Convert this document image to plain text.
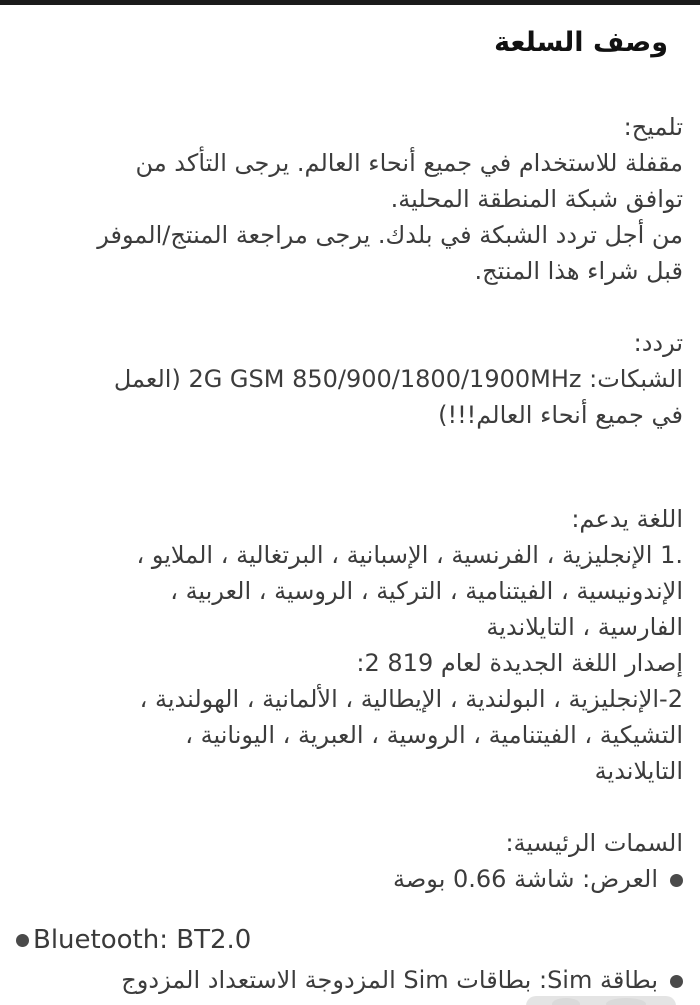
وصف السلعة
تلميح:
مقفلة للاستخدام في جميع أنحاء العالم. يرجى التأكد من
توافق شبكة المنطقة المحلية.
من أجل تردد الشبكة في بلدك. يرجى مراجعة المنتج/الموفر
قبل شراء هذا المنتج.
تردد:
الشبكات: 2G GSM 850/900/1800/1900MHz (العمل
في جميع أنحاء العالم!!!)
اللغة يدعم:
.1 الإنجليزية ، الفرنسية ، الإسبانية ، البرتغالية ، الملايو ،
الإندونيسية ، الفيتنامية ، التركية ، الروسية ، العربية ،
الفارسية ، التايلاندية
إصدار اللغة الجديدة لعام 819 2:
2-الإنجليزية ، البولندية ، الإيطالية ، الألمانية ، الهولندية ،
التشيكية ، الفيتنامية ، الروسية ، العبرية ، اليونانية ،
التايلاندية
السمات الرئيسية:
العرض: شاشة 0.66 بوصة
Bluetooth: BT2.0
بطاقة Sim: بطاقات Sim المزدوجة الاستعداد المزدوج
